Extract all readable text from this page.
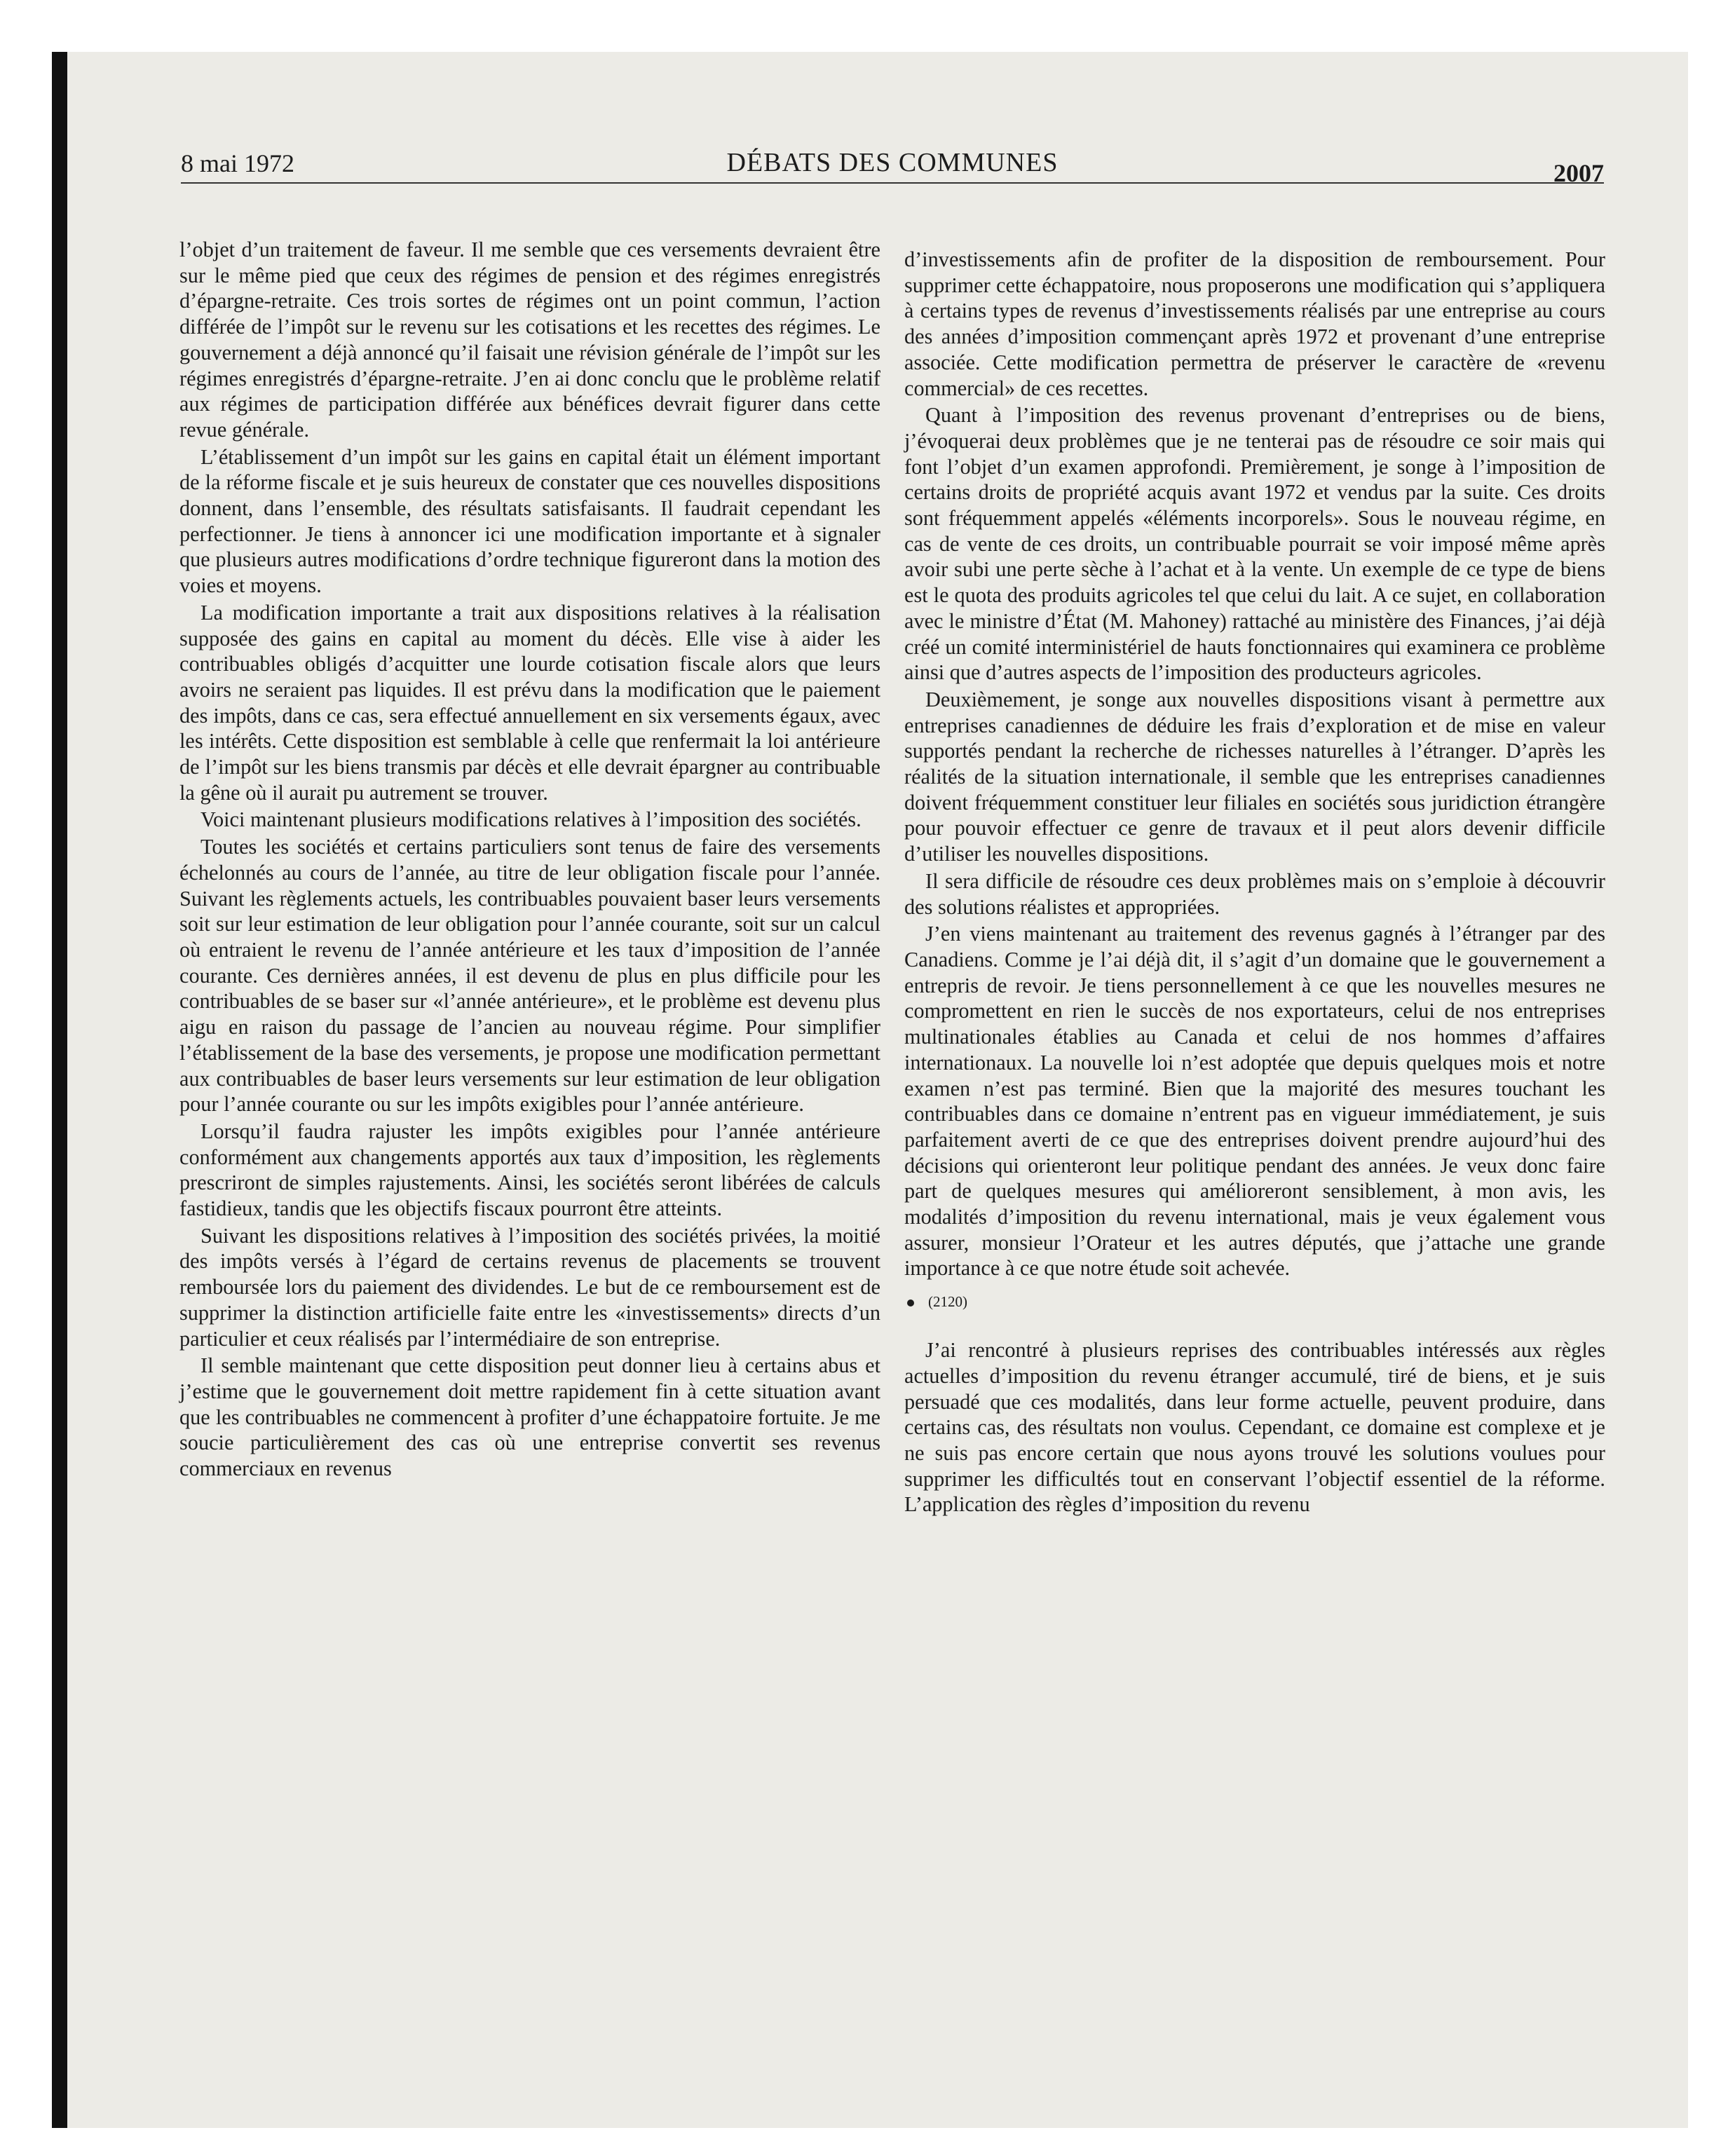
8 mai 1972	DÉBATS DES COMMUNES	2007

l’objet d’un traitement de faveur. Il me semble que ces versements devraient être sur le même pied que ceux des régimes de pension et des régimes enregistrés d’épargne-retraite. Ces trois sortes de régimes ont un point commun, l’action différée de l’impôt sur le revenu sur les cotisations et les recettes des régimes. Le gouvernement a déjà annoncé qu’il faisait une révision générale de l’impôt sur les régimes enregistrés d’épargne-retraite. J’en ai donc conclu que le problème relatif aux régimes de participation différée aux bénéfices devrait figurer dans cette revue générale.

L’établissement d’un impôt sur les gains en capital était un élément important de la réforme fiscale et je suis heureux de constater que ces nouvelles dispositions donnent, dans l’ensemble, des résultats satisfaisants. Il faudrait cependant les perfectionner. Je tiens à annoncer ici une modification importante et à signaler que plusieurs autres modifications d’ordre technique figureront dans la motion des voies et moyens.

La modification importante a trait aux dispositions relatives à la réalisation supposée des gains en capital au moment du décès. Elle vise à aider les contribuables obligés d’acquitter une lourde cotisation fiscale alors que leurs avoirs ne seraient pas liquides. Il est prévu dans la modification que le paiement des impôts, dans ce cas, sera effectué annuellement en six versements égaux, avec les intérêts. Cette disposition est semblable à celle que renfermait la loi antérieure de l’impôt sur les biens transmis par décès et elle devrait épargner au contribuable la gêne où il aurait pu autrement se trouver.

Voici maintenant plusieurs modifications relatives à l’imposition des sociétés.

Toutes les sociétés et certains particuliers sont tenus de faire des versements échelonnés au cours de l’année, au titre de leur obligation fiscale pour l’année. Suivant les règlements actuels, les contribuables pouvaient baser leurs versements soit sur leur estimation de leur obligation pour l’année courante, soit sur un calcul où entraient le revenu de l’année antérieure et les taux d’imposition de l’année courante. Ces dernières années, il est devenu de plus en plus difficile pour les contribuables de se baser sur «l’année antérieure», et le problème est devenu plus aigu en raison du passage de l’ancien au nouveau régime. Pour simplifier l’établissement de la base des versements, je propose une modification permettant aux contribuables de baser leurs versements sur leur estimation de leur obligation pour l’année courante ou sur les impôts exigibles pour l’année antérieure.

Lorsqu’il faudra rajuster les impôts exigibles pour l’année antérieure conformément aux changements apportés aux taux d’imposition, les règlements prescriront de simples rajustements. Ainsi, les sociétés seront libérées de calculs fastidieux, tandis que les objectifs fiscaux pourront être atteints.

Suivant les dispositions relatives à l’imposition des sociétés privées, la moitié des impôts versés à l’égard de certains revenus de placements se trouvent remboursée lors du paiement des dividendes. Le but de ce remboursement est de supprimer la distinction artificielle faite entre les «investissements» directs d’un particulier et ceux réalisés par l’intermédiaire de son entreprise.

Il semble maintenant que cette disposition peut donner lieu à certains abus et j’estime que le gouvernement doit mettre rapidement fin à cette situation avant que les contribuables ne commencent à profiter d’une échappatoire fortuite. Je me soucie particulièrement des cas où une entreprise convertit ses revenus commerciaux en revenus

d’investissements afin de profiter de la disposition de remboursement. Pour supprimer cette échappatoire, nous proposerons une modification qui s’appliquera à certains types de revenus d’investissements réalisés par une entreprise au cours des années d’imposition commençant après 1972 et provenant d’une entreprise associée. Cette modification permettra de préserver le caractère de «revenu commercial» de ces recettes.

Quant à l’imposition des revenus provenant d’entreprises ou de biens, j’évoquerai deux problèmes que je ne tenterai pas de résoudre ce soir mais qui font l’objet d’un examen approfondi. Premièrement, je songe à l’imposition de certains droits de propriété acquis avant 1972 et vendus par la suite. Ces droits sont fréquemment appelés «éléments incorporels». Sous le nouveau régime, en cas de vente de ces droits, un contribuable pourrait se voir imposé même après avoir subi une perte sèche à l’achat et à la vente. Un exemple de ce type de biens est le quota des produits agricoles tel que celui du lait. A ce sujet, en collaboration avec le ministre d’État (M. Mahoney) rattaché au ministère des Finances, j’ai déjà créé un comité interministériel de hauts fonctionnaires qui examinera ce problème ainsi que d’autres aspects de l’imposition des producteurs agricoles.

Deuxièmement, je songe aux nouvelles dispositions visant à permettre aux entreprises canadiennes de déduire les frais d’exploration et de mise en valeur supportés pendant la recherche de richesses naturelles à l’étranger. D’après les réalités de la situation internationale, il semble que les entreprises canadiennes doivent fréquemment constituer leur filiales en sociétés sous juridiction étrangère pour pouvoir effectuer ce genre de travaux et il peut alors devenir difficile d’utiliser les nouvelles dispositions.

Il sera difficile de résoudre ces deux problèmes mais on s’emploie à découvrir des solutions réalistes et appropriées.

J’en viens maintenant au traitement des revenus gagnés à l’étranger par des Canadiens. Comme je l’ai déjà dit, il s’agit d’un domaine que le gouvernement a entrepris de revoir. Je tiens personnellement à ce que les nouvelles mesures ne compromettent en rien le succès de nos exportateurs, celui de nos entreprises multinationales établies au Canada et celui de nos hommes d’affaires internationaux. La nouvelle loi n’est adoptée que depuis quelques mois et notre examen n’est pas terminé. Bien que la majorité des mesures touchant les contribuables dans ce domaine n’entrent pas en vigueur immédiatement, je suis parfaitement averti de ce que des entreprises doivent prendre aujourd’hui des décisions qui orienteront leur politique pendant des années. Je veux donc faire part de quelques mesures qui amélioreront sensiblement, à mon avis, les modalités d’imposition du revenu international, mais je veux également vous assurer, monsieur l’Orateur et les autres députés, que j’attache une grande importance à ce que notre étude soit achevée.

(2120)

J’ai rencontré à plusieurs reprises des contribuables intéressés aux règles actuelles d’imposition du revenu étranger accumulé, tiré de biens, et je suis persuadé que ces modalités, dans leur forme actuelle, peuvent produire, dans certains cas, des résultats non voulus. Cependant, ce domaine est complexe et je ne suis pas encore certain que nous ayons trouvé les solutions voulues pour supprimer les difficultés tout en conservant l’objectif essentiel de la réforme. L’application des règles d’imposition du revenu
